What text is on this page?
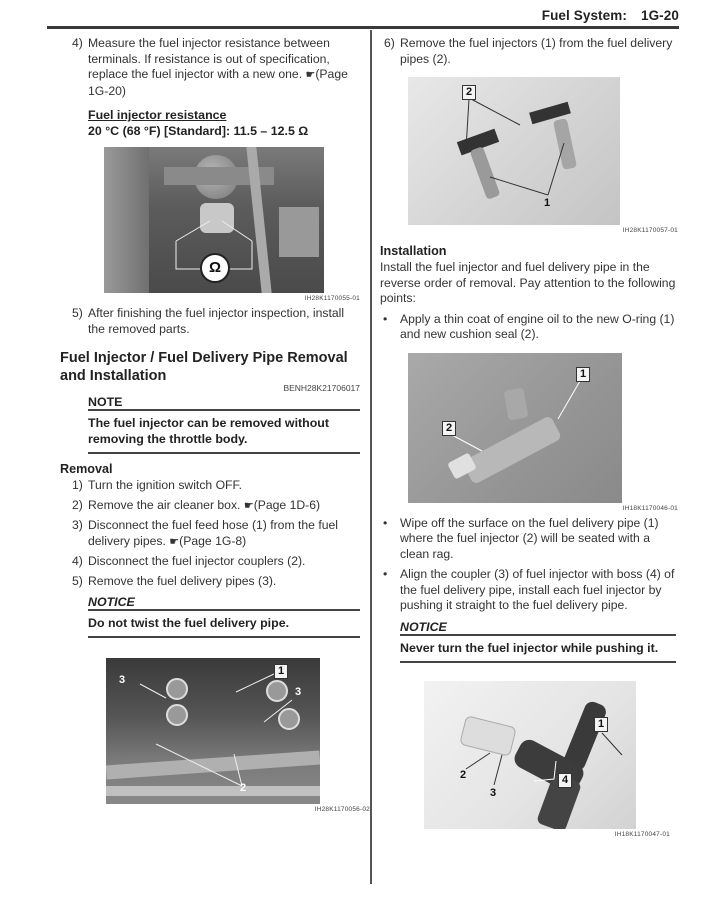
Fuel System: 1G-20
4) Measure the fuel injector resistance between terminals. If resistance is out of specification, replace the fuel injector with a new one. ☛(Page 1G-20)
Fuel injector resistance
20 °C (68 °F) [Standard]: 11.5 – 12.5 Ω
Ω
IH28K1170055-01
5) After finishing the fuel injector inspection, install the removed parts.
Fuel Injector / Fuel Delivery Pipe Removal and Installation
BENH28K21706017
NOTE
The fuel injector can be removed without removing the throttle body.
Removal
1) Turn the ignition switch OFF.
2) Remove the air cleaner box. ☛(Page 1D-6)
3) Disconnect the fuel feed hose (1) from the fuel delivery pipes. ☛(Page 1G-8)
4) Disconnect the fuel injector couplers (2).
5) Remove the fuel delivery pipes (3).
NOTICE
Do not twist the fuel delivery pipe.
1
2
3
3
IH28K1170056-02
6) Remove the fuel injectors (1) from the fuel delivery pipes (2).
2
1
IH28K1170057-01
Installation
Install the fuel injector and fuel delivery pipe in the reverse order of removal. Pay attention to the following points:
• Apply a thin coat of engine oil to the new O-ring (1) and new cushion seal (2).
1
2
IH18K1170046-01
• Wipe off the surface on the fuel delivery pipe (1) where the fuel injector (2) will be seated with a clean rag.
• Align the coupler (3) of fuel injector with boss (4) of the fuel delivery pipe, install each fuel injector by pushing it straight to the fuel delivery pipe.
NOTICE
Never turn the fuel injector while pushing it.
1
2
3
4
IH18K1170047-01
